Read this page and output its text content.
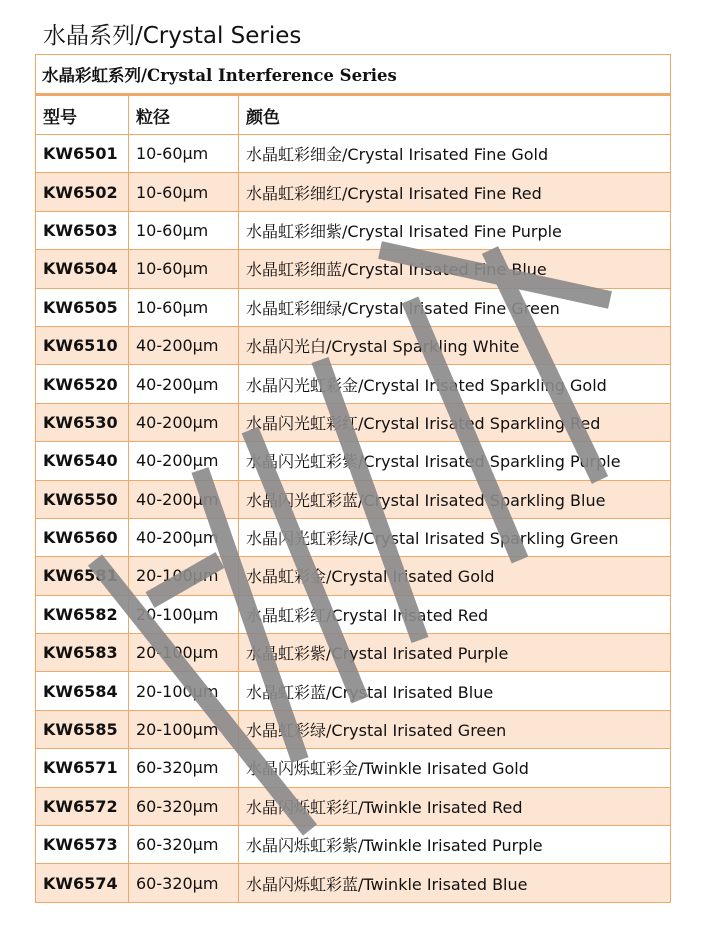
水晶系列/Crystal Series
水晶彩虹系列/Crystal Interference Series		
型号	粒径	颜色
KW6501	10-60μm	水晶虹彩细金/Crystal Irisated Fine Gold
KW6502	10-60μm	水晶虹彩细红/Crystal Irisated Fine Red
KW6503	10-60μm	水晶虹彩细紫/Crystal Irisated Fine Purple
KW6504	10-60μm	水晶虹彩细蓝/Crystal Irisated Fine Blue
KW6505	10-60μm	水晶虹彩细绿/Crystal Irisated Fine Green
KW6510	40-200μm	水晶闪光白/Crystal Sparkling White
KW6520	40-200μm	水晶闪光虹彩金/Crystal Irisated Sparkling Gold
KW6530	40-200μm	水晶闪光虹彩红/Crystal Irisated Sparkling Red
KW6540	40-200μm	水晶闪光虹彩紫/Crystal Irisated Sparkling Purple
KW6550	40-200μm	水晶闪光虹彩蓝/Crystal Irisated Sparkling Blue
KW6560	40-200μm	水晶闪光虹彩绿/Crystal Irisated Sparkling Green
KW6581	20-100μm	水晶虹彩金/Crystal Irisated Gold
KW6582	20-100μm	水晶虹彩红/Crystal Irisated Red
KW6583	20-100μm	水晶虹彩紫/Crystal Irisated Purple
KW6584	20-100μm	水晶虹彩蓝/Crystal Irisated Blue
KW6585	20-100μm	水晶虹彩绿/Crystal Irisated Green
KW6571	60-320μm	水晶闪烁虹彩金/Twinkle Irisated Gold
KW6572	60-320μm	水晶闪烁虹彩红/Twinkle Irisated Red
KW6573	60-320μm	水晶闪烁虹彩紫/Twinkle Irisated Purple
KW6574	60-320μm	水晶闪烁虹彩蓝/Twinkle Irisated Blue
